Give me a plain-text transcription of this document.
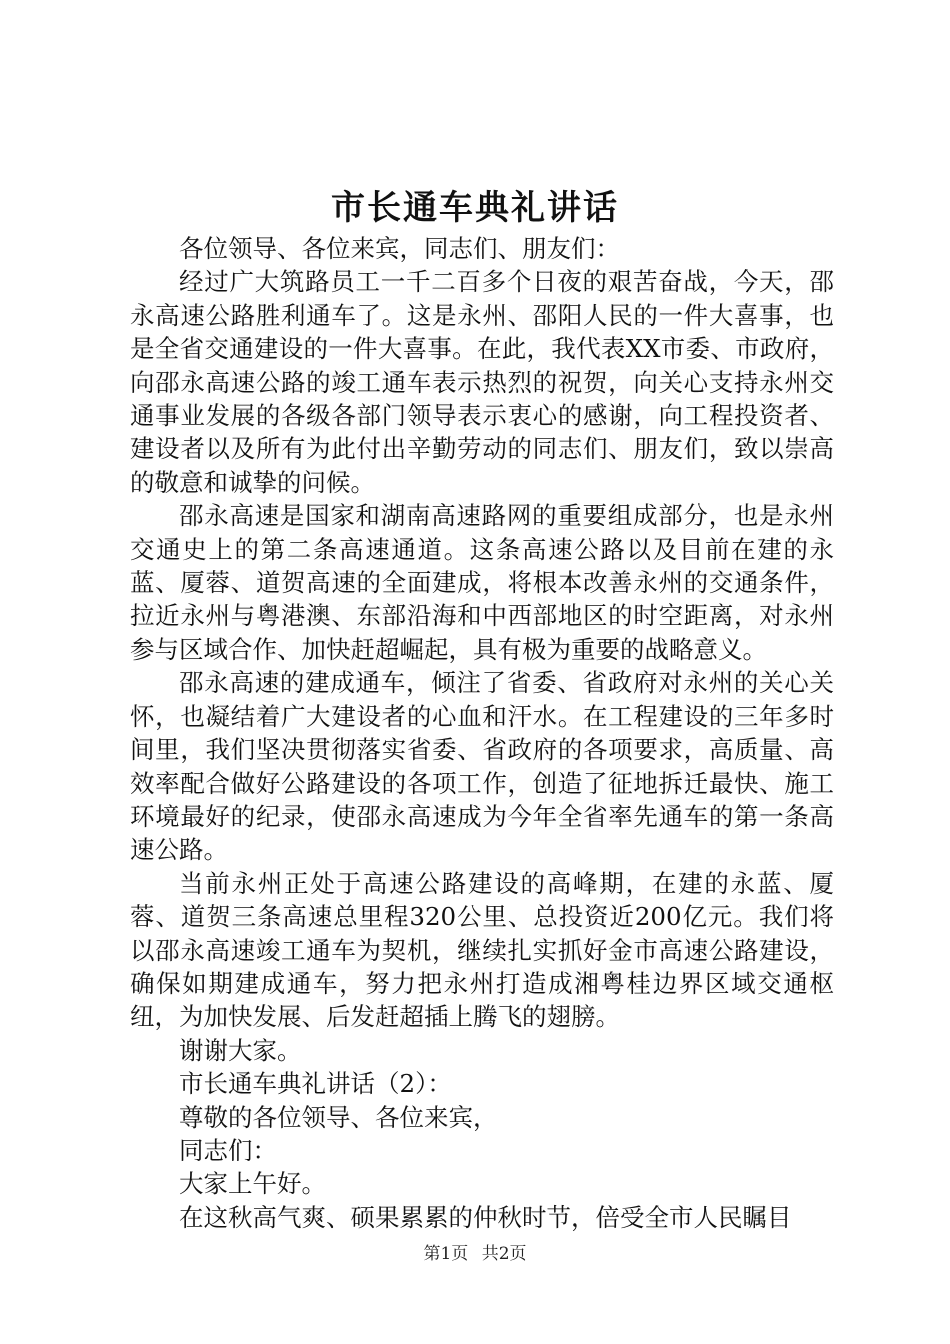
市长通车典礼讲话

各位领导、各位来宾，同志们、朋友们：

经过广大筑路员工一千二百多个日夜的艰苦奋战，今天，邵永高速公路胜利通车了。这是永州、邵阳人民的一件大喜事，也是全省交通建设的一件大喜事。在此，我代表XX市委、市政府，向邵永高速公路的竣工通车表示热烈的祝贺，向关心支持永州交通事业发展的各级各部门领导表示衷心的感谢，向工程投资者、建设者以及所有为此付出辛勤劳动的同志们、朋友们，致以崇高的敬意和诚挚的问候。

邵永高速是国家和湖南高速路网的重要组成部分，也是永州交通史上的第二条高速通道。这条高速公路以及目前在建的永蓝、厦蓉、道贺高速的全面建成，将根本改善永州的交通条件，拉近永州与粤港澳、东部沿海和中西部地区的时空距离，对永州参与区域合作、加快赶超崛起，具有极为重要的战略意义。

邵永高速的建成通车，倾注了省委、省政府对永州的关心关怀，也凝结着广大建设者的心血和汗水。在工程建设的三年多时间里，我们坚决贯彻落实省委、省政府的各项要求，高质量、高效率配合做好公路建设的各项工作，创造了征地拆迁最快、施工环境最好的纪录，使邵永高速成为今年全省率先通车的第一条高速公路。

当前永州正处于高速公路建设的高峰期，在建的永蓝、厦蓉、道贺三条高速总里程320公里、总投资近200亿元。我们将以邵永高速竣工通车为契机，继续扎实抓好金市高速公路建设，确保如期建成通车，努力把永州打造成湘粤桂边界区域交通枢纽，为加快发展、后发赶超插上腾飞的翅膀。

谢谢大家。

市长通车典礼讲话（2）：

尊敬的各位领导、各位来宾，

同志们：

大家上午好。

在这秋高气爽、硕果累累的仲秋时节，倍受全市人民瞩目

第1页 共2页
